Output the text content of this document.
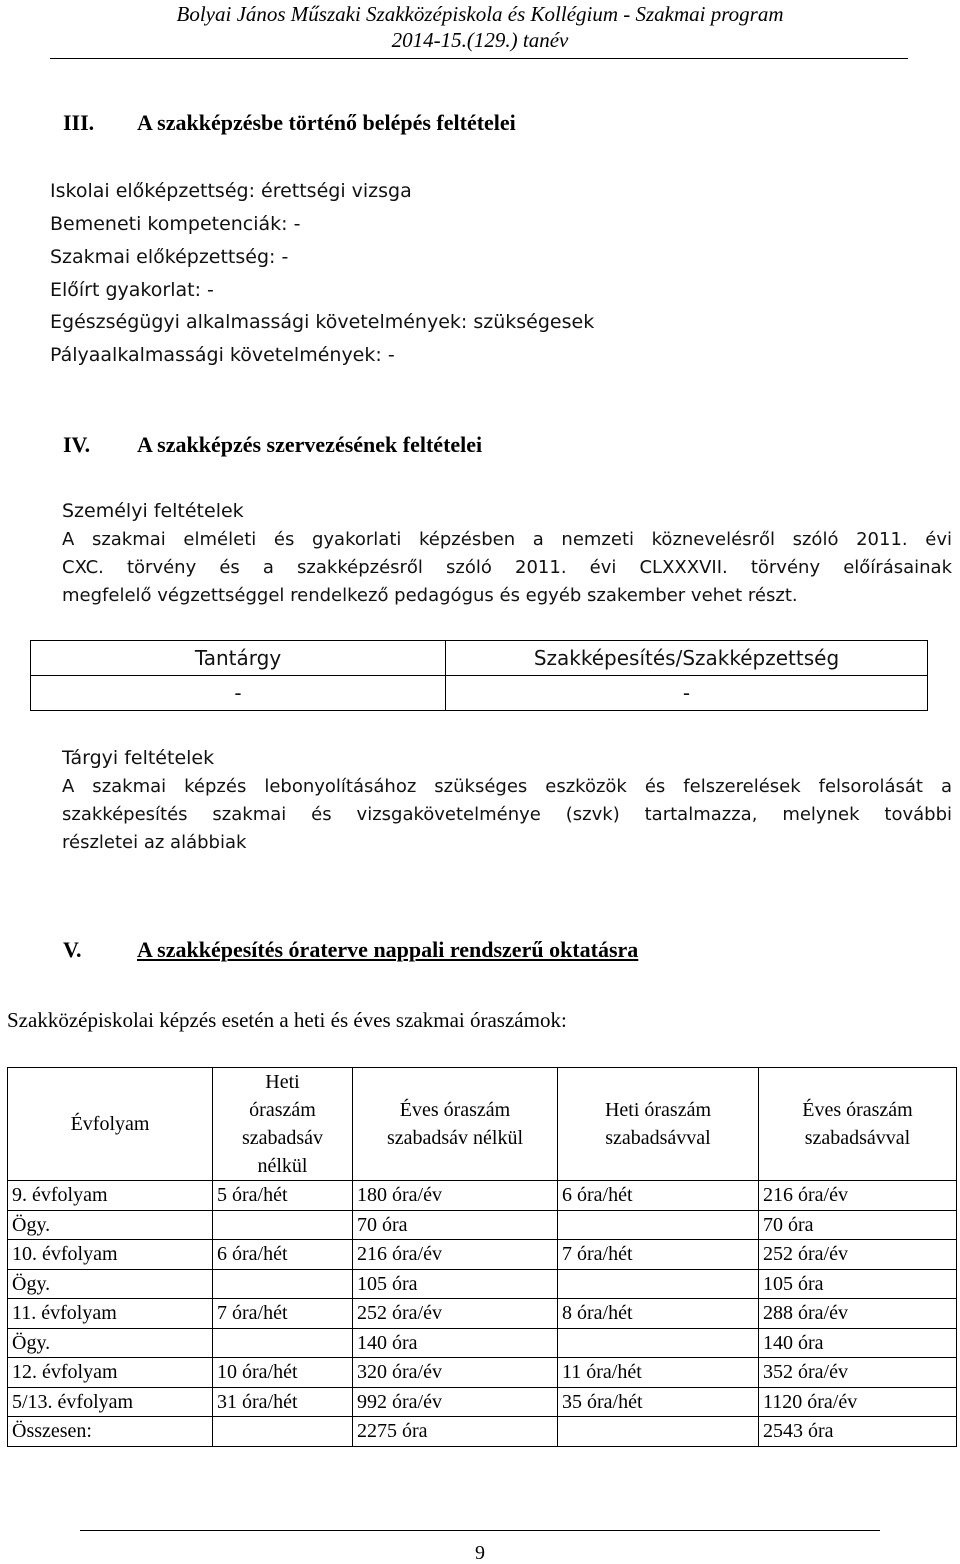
Bolyai János Műszaki Szakközépiskola és Kollégium - Szakmai program
2014-15.(129.) tanév
III. A szakképzésbe történő belépés feltételei
Iskolai előképzettség: érettségi vizsga
Bemeneti kompetenciák: -
Szakmai előképzettség: -
Előírt gyakorlat: -
Egészségügyi alkalmassági követelmények: szükségesek
Pályaalkalmassági követelmények: -
IV. A szakképzés szervezésének feltételei
Személyi feltételek
A szakmai elméleti és gyakorlati képzésben a nemzeti köznevelésről szóló 2011. évi
CXC. törvény és a szakképzésről szóló 2011. évi CLXXXVII. törvény előírásainak
megfelelő végzettséggel rendelkező pedagógus és egyéb szakember vehet részt.
Tantárgy	Szakképesítés/Szakképzettség
-	-
Tárgyi feltételek
A szakmai képzés lebonyolításához szükséges eszközök és felszerelések felsorolását a
szakképesítés szakmai és vizsgakövetelménye (szvk) tartalmazza, melynek további
részletei az alábbiak
V.	A szakképesítés óraterve nappali rendszerű oktatásra
Szakközépiskolai képzés esetén a heti és éves szakmai óraszámok:
Évfolyam	Heti
óraszám
szabadsáv
nélkül	Éves óraszám
szabadsáv nélkül	Heti óraszám
szabadsávval	Éves óraszám
szabadsávval
9. évfolyam	5 óra/hét	180 óra/év	6 óra/hét	216 óra/év
Ögy.		70 óra		70 óra
10. évfolyam	6 óra/hét	216 óra/év	7 óra/hét	252 óra/év
Ögy.		105 óra		105 óra
11. évfolyam	7 óra/hét	252 óra/év	8 óra/hét	288 óra/év
Ögy.		140 óra		140 óra
12. évfolyam	10 óra/hét	320 óra/év	11 óra/hét	352 óra/év
5/13. évfolyam	31 óra/hét	992 óra/év	35 óra/hét	1120 óra/év
Összesen:		2275 óra		2543 óra
9
